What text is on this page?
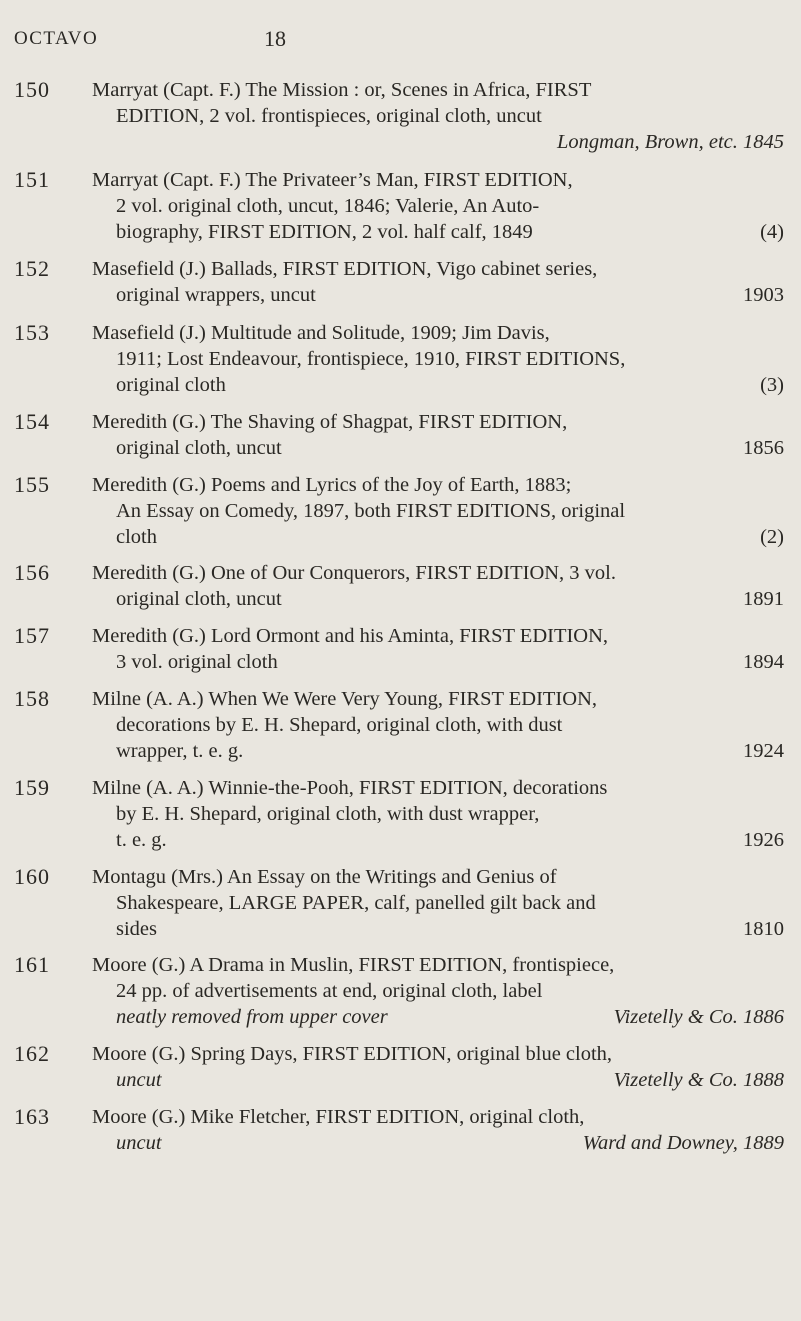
OCTAVO	18
150	Marryat (Capt. F.) The Mission : or, Scenes in Africa, FIRST
EDITION, 2 vol. frontispieces, original cloth, uncut
Longman, Brown, etc. 1845
151	Marryat (Capt. F.) The Privateer’s Man, FIRST EDITION,
2 vol. original cloth, uncut, 1846; Valerie, An Auto-
biography, FIRST EDITION, 2 vol. half calf, 1849	(4)
152	Masefield (J.) Ballads, FIRST EDITION, Vigo cabinet series,
original wrappers, uncut	1903
153	Masefield (J.) Multitude and Solitude, 1909; Jim Davis,
1911; Lost Endeavour, frontispiece, 1910, FIRST EDITIONS,
original cloth	(3)
154	Meredith (G.) The Shaving of Shagpat, FIRST EDITION,
original cloth, uncut	1856
155	Meredith (G.) Poems and Lyrics of the Joy of Earth, 1883;
An Essay on Comedy, 1897, both FIRST EDITIONS, original
cloth	(2)
156	Meredith (G.) One of Our Conquerors, FIRST EDITION, 3 vol.
original cloth, uncut	1891
157	Meredith (G.) Lord Ormont and his Aminta, FIRST EDITION,
3 vol. original cloth	1894
158	Milne (A. A.) When We Were Very Young, FIRST EDITION,
decorations by E. H. Shepard, original cloth, with dust
wrapper, t. e. g.	1924
159	Milne (A. A.) Winnie-the-Pooh, FIRST EDITION, decorations
by E. H. Shepard, original cloth, with dust wrapper,
t. e. g.	1926
160	Montagu (Mrs.) An Essay on the Writings and Genius of
Shakespeare, LARGE PAPER, calf, panelled gilt back and
sides	1810
161	Moore (G.) A Drama in Muslin, FIRST EDITION, frontispiece,
24 pp. of advertisements at end, original cloth, label
neatly removed from upper cover	Vizetelly & Co. 1886
162	Moore (G.) Spring Days, FIRST EDITION, original blue cloth,
uncut	Vizetelly & Co. 1888
163	Moore (G.) Mike Fletcher, FIRST EDITION, original cloth,
uncut	Ward and Downey, 1889
